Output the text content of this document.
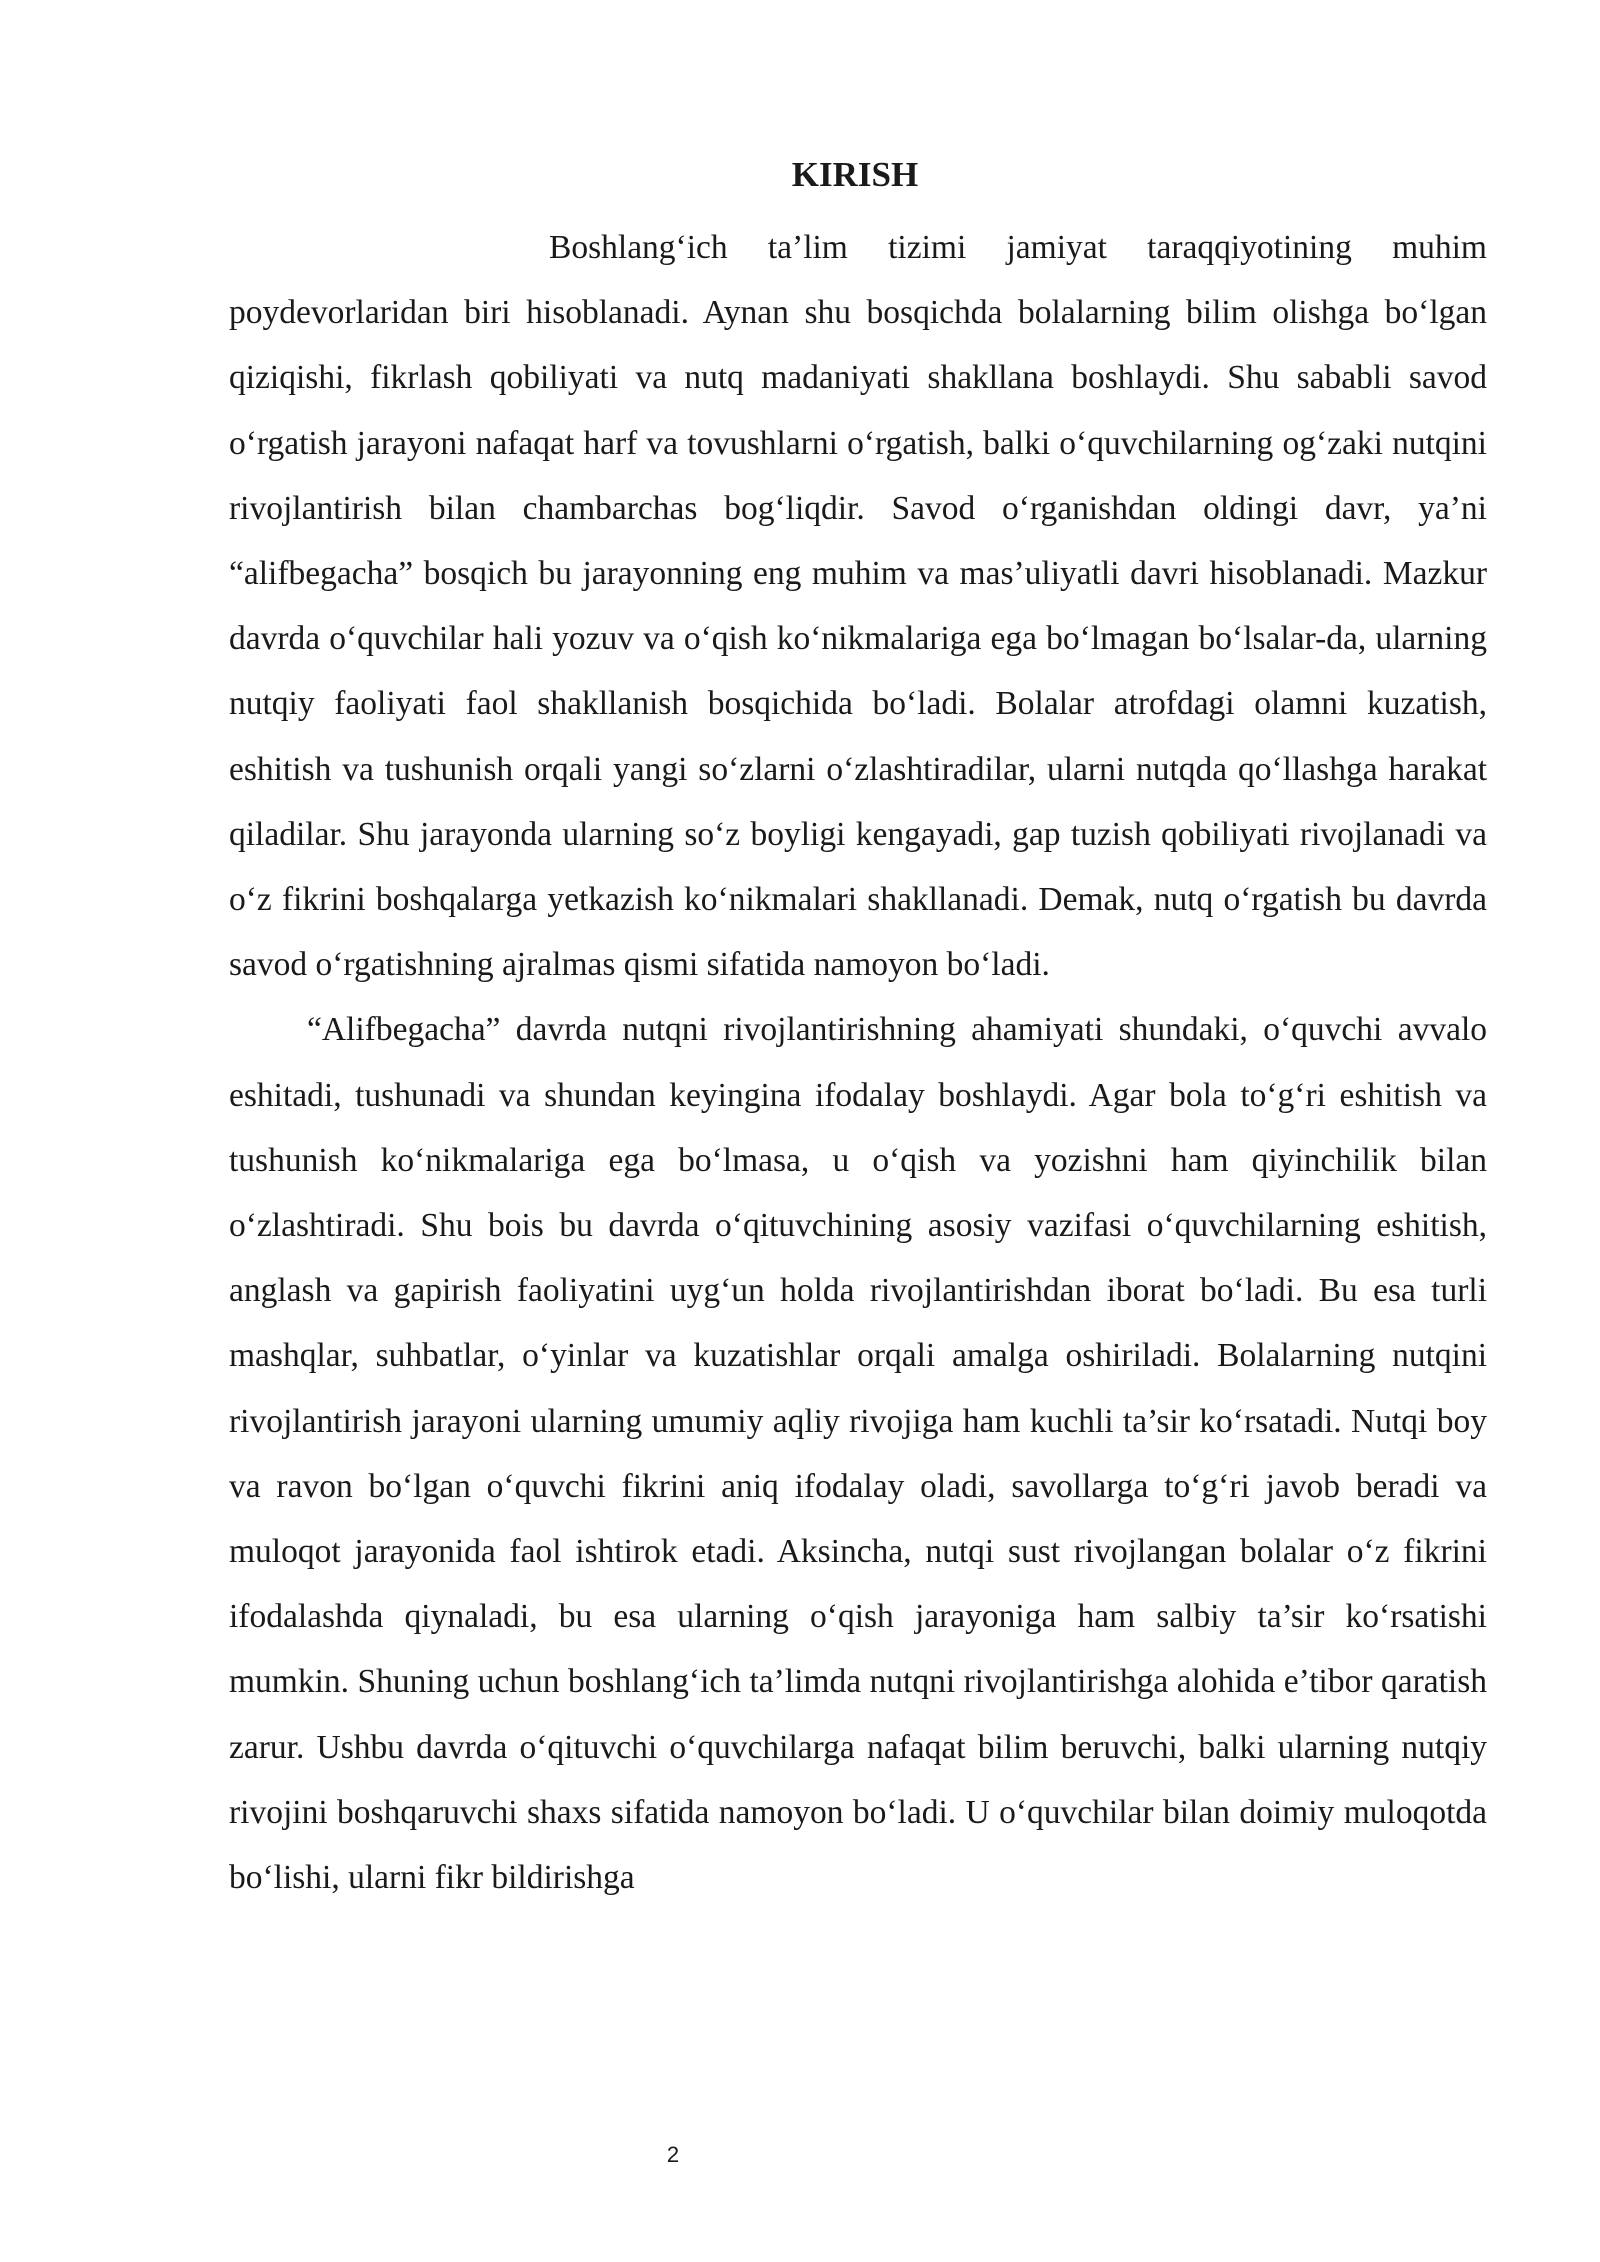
KIRISH

Boshlang‘ich ta’lim tizimi jamiyat taraqqiyotining muhim poydevorlaridan biri hisoblanadi. Aynan shu bosqichda bolalarning bilim olishga bo‘lgan qiziqishi, fikrlash qobiliyati va nutq madaniyati shakllana boshlaydi. Shu sababli savod o‘rgatish jarayoni nafaqat harf va tovushlarni o‘rgatish, balki o‘quvchilarning og‘zaki nutqini rivojlantirish bilan chambarchas bog‘liqdir. Savod o‘rganishdan oldingi davr, ya’ni “alifbegacha” bosqich bu jarayonning eng muhim va mas’uliyatli davri hisoblanadi. Mazkur davrda o‘quvchilar hali yozuv va o‘qish ko‘nikmalariga ega bo‘lmagan bo‘lsalar-da, ularning nutqiy faoliyati faol shakllanish bosqichida bo‘ladi. Bolalar atrofdagi olamni kuzatish, eshitish va tushunish orqali yangi so‘zlarni o‘zlashtiradilar, ularni nutqda qo‘llashga harakat qiladilar. Shu jarayonda ularning so‘z boyligi kengayadi, gap tuzish qobiliyati rivojlanadi va o‘z fikrini boshqalarga yetkazish ko‘nikmalari shakllanadi. Demak, nutq o‘rgatish bu davrda savod o‘rgatishning ajralmas qismi sifatida namoyon bo‘ladi.

“Alifbegacha” davrda nutqni rivojlantirishning ahamiyati shundaki, o‘quvchi avvalo eshitadi, tushunadi va shundan keyingina ifodalay boshlaydi. Agar bola to‘g‘ri eshitish va tushunish ko‘nikmalariga ega bo‘lmasa, u o‘qish va yozishni ham qiyinchilik bilan o‘zlashtiradi. Shu bois bu davrda o‘qituvchining asosiy vazifasi o‘quvchilarning eshitish, anglash va gapirish faoliyatini uyg‘un holda rivojlantirishdan iborat bo‘ladi. Bu esa turli mashqlar, suhbatlar, o‘yinlar va kuzatishlar orqali amalga oshiriladi. Bolalarning nutqini rivojlantirish jarayoni ularning umumiy aqliy rivojiga ham kuchli ta’sir ko‘rsatadi. Nutqi boy va ravon bo‘lgan o‘quvchi fikrini aniq ifodalay oladi, savollarga to‘g‘ri javob beradi va muloqot jarayonida faol ishtirok etadi. Aksincha, nutqi sust rivojlangan bolalar o‘z fikrini ifodalashda qiynaladi, bu esa ularning o‘qish jarayoniga ham salbiy ta’sir ko‘rsatishi mumkin. Shuning uchun boshlang‘ich ta’limda nutqni rivojlantirishga alohida e’tibor qaratish zarur. Ushbu davrda o‘qituvchi o‘quvchilarga nafaqat bilim beruvchi, balki ularning nutqiy rivojini boshqaruvchi shaxs sifatida namoyon bo‘ladi. U o‘quvchilar bilan doimiy muloqotda bo‘lishi, ularni fikr bildirishga

2
